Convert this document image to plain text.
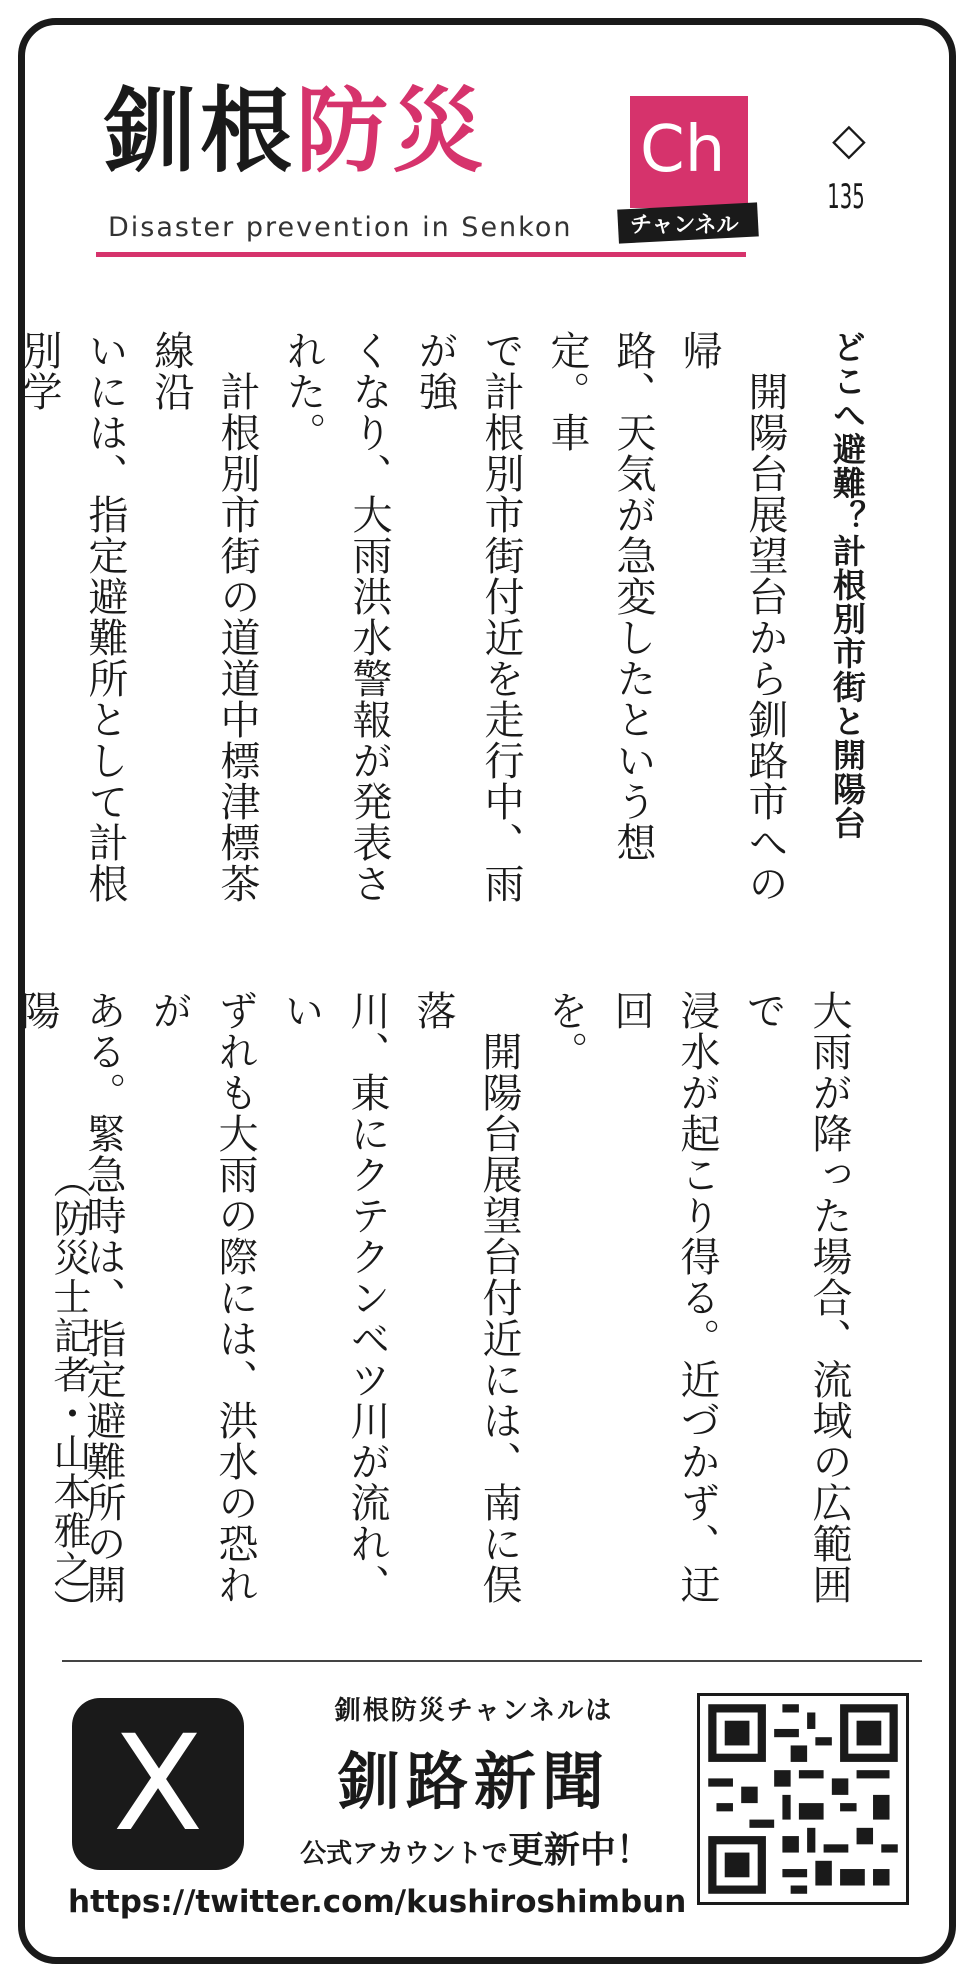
釧根防災 Ch
チャンネル
Disaster prevention in Senkon
◇
135
どこへ避難？計根別市街と開陽台
　開陽台展望台から釧路市への帰
路、天気が急変したという想定。車
で計根別市街付近を走行中、雨が強
くなり、大雨洪水警報が発表された。
　計根別市街の道道中標津標茶線沿
いには、指定避難所として計根別学

大雨が降った場合、流域の広範囲で
浸水が起こり得る。近づかず、迂回
を。
　開陽台展望台付近には、南に俣落
川、東にクテクンベツ川が流れ、い
ずれも大雨の際には、洪水の恐れが
ある。緊急時は、指定避難所の開陽

（防災士記者・山本雅之）
X	釧根防災チャンネルは
釧路新聞
公式アカウントで更新中！
https://twitter.com/kushiroshimbun
